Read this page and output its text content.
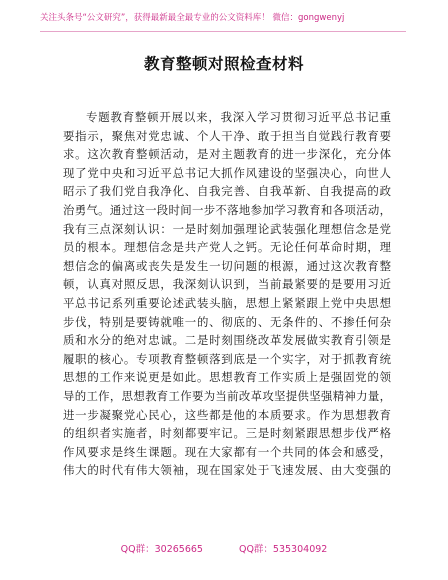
关注头条号“公文研究”，获得最新最全最专业的公文资料库！ 微信：gongwenyj
教育整顿对照检查材料
专题教育整顿开展以来，我深入学习贯彻习近平总书记重
要指示，聚焦对党忠诚、个人干净、敢于担当自觉践行教育要
求。这次教育整顿活动，是对主题教育的进一步深化，充分体
现了党中央和习近平总书记大抓作风建设的坚强决心，向世人
昭示了我们党自我净化、自我完善、自我革新、自我提高的政
治勇气。通过这一段时间一步不落地参加学习教育和各项活动，
我有三点深刻认识：一是时刻加强理论武装强化理想信念是党
员的根本。理想信念是共产党人之钙。无论任何革命时期，理
想信念的偏离或丧失是发生一切问题的根源，通过这次教育整
顿，认真对照反思，我深刻认识到，当前最紧要的是要用习近
平总书记系列重要论述武装头脑，思想上紧紧跟上党中央思想
步伐，特别是要铸就唯一的、彻底的、无条件的、不掺任何杂
质和水分的绝对忠诚。二是时刻围绕改革发展做实教育引领是
履职的核心。专项教育整顿落到底是一个实字，对于抓教育统
思想的工作来说更是如此。思想教育工作实质上是强固党的领
导的工作，思想教育工作要为当前改革攻坚提供坚强精神力量，
进一步凝聚党心民心，这些都是他的本质要求。作为思想教育
的组织者实施者，时刻都要牢记。三是时刻紧跟思想步伐严格
作风要求是终生课题。现在大家都有一个共同的体会和感受，
伟大的时代有伟大领袖，现在国家处于飞速发展、由大变强的
QQ群：30265665	QQ群：535304092
